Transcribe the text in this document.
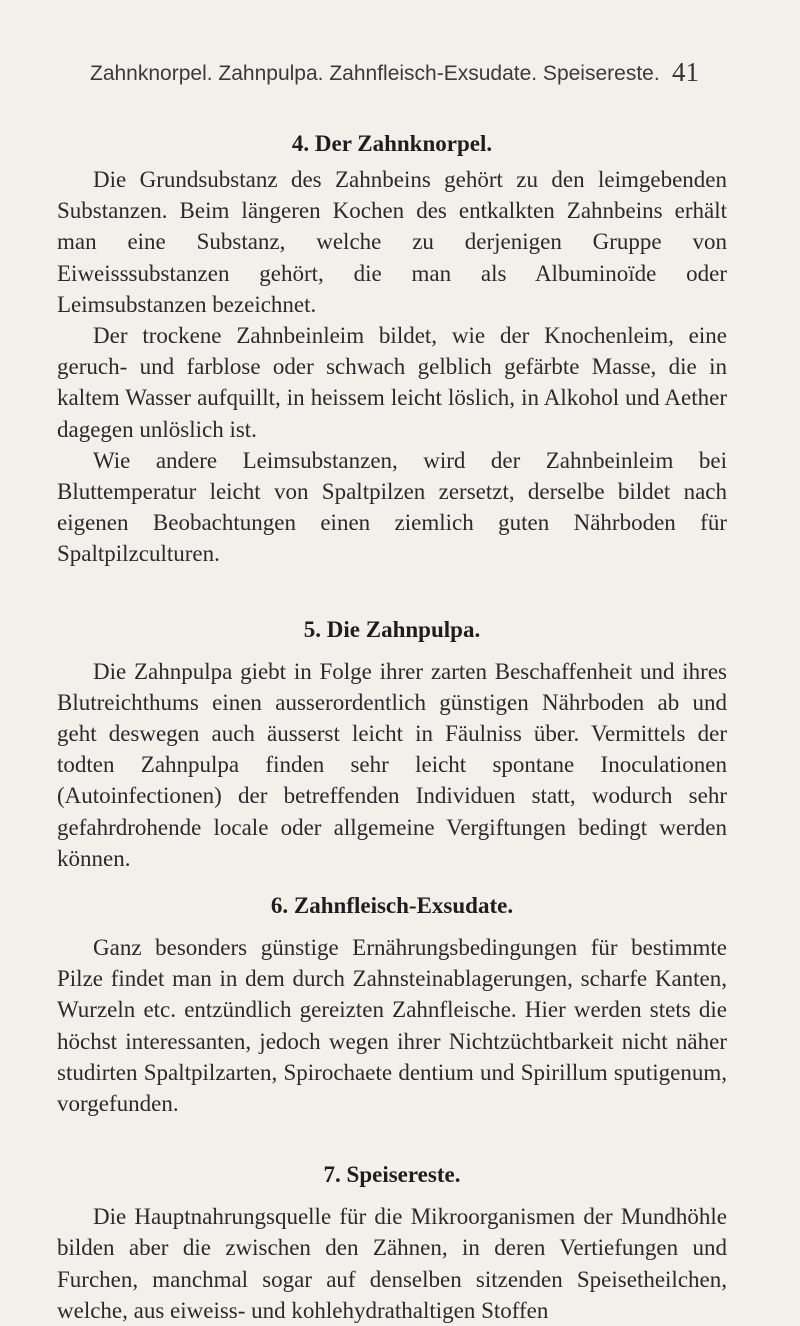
Zahnknorpel. Zahnpulpa. Zahnfleisch-Exsudate. Speisereste. 41
4. Der Zahnknorpel.

Die Grundsubstanz des Zahnbeins gehört zu den leimgebenden Substanzen. Beim längeren Kochen des entkalkten Zahnbeins erhält man eine Substanz, welche zu derjenigen Gruppe von Eiweisssubstanzen gehört, die man als Albuminoïde oder Leimsubstanzen bezeichnet.

Der trockene Zahnbeinleim bildet, wie der Knochenleim, eine geruch- und farblose oder schwach gelblich gefärbte Masse, die in kaltem Wasser aufquillt, in heissem leicht löslich, in Alkohol und Aether dagegen unlöslich ist.

Wie andere Leimsubstanzen, wird der Zahnbeinleim bei Bluttemperatur leicht von Spaltpilzen zersetzt, derselbe bildet nach eigenen Beobachtungen einen ziemlich guten Nährboden für Spaltpilzculturen.

5. Die Zahnpulpa.

Die Zahnpulpa giebt in Folge ihrer zarten Beschaffenheit und ihres Blutreichthums einen ausserordentlich günstigen Nährboden ab und geht deswegen auch äusserst leicht in Fäulniss über. Vermittels der todten Zahnpulpa finden sehr leicht spontane Inoculationen (Autoinfectionen) der betreffenden Individuen statt, wodurch sehr gefahrdrohende locale oder allgemeine Vergiftungen bedingt werden können.

6. Zahnfleisch-Exsudate.

Ganz besonders günstige Ernährungsbedingungen für bestimmte Pilze findet man in dem durch Zahnsteinablagerungen, scharfe Kanten, Wurzeln etc. entzündlich gereizten Zahnfleische. Hier werden stets die höchst interessanten, jedoch wegen ihrer Nichtzüchtbarkeit nicht näher studirten Spaltpilzarten, Spirochaete dentium und Spirillum sputigenum, vorgefunden.

7. Speisereste.

Die Hauptnahrungsquelle für die Mikroorganismen der Mundhöhle bilden aber die zwischen den Zähnen, in deren Vertiefungen und Furchen, manchmal sogar auf denselben sitzenden Speisetheilchen, welche, aus eiweiss- und kohlehydrathaltigen Stoffen
